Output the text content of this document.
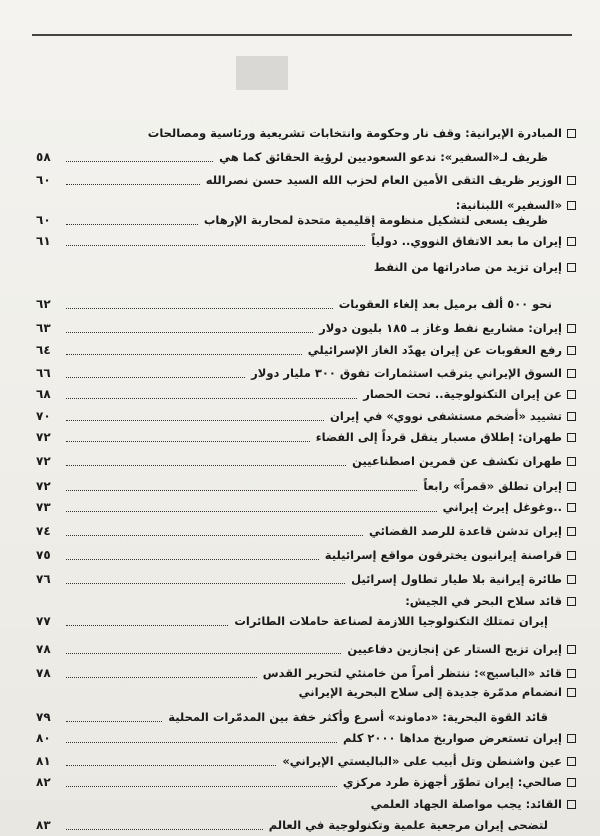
المبادرة الإيرانية: وقف نار وحكومة وانتخابات تشريعية ورئاسية ومصالحات
ظريف لـ«السفير»: ندعو السعوديين لرؤية الحقائق كما هي
٥٨
الوزير ظريف التقى الأمين العام لحزب الله السيد حسن نصرالله
٦٠
«السفير» اللبنانية:
ظريف يسعى لتشكيل منظومة إقليمية متحدة لمحاربة الإرهاب
٦٠
إيران ما بعد الاتفاق النووي.. دولياً
٦١
إيران تزيد من صادراتها من النفط
نحو ٥٠٠ ألف برميل بعد إلغاء العقوبات
٦٢
إيران: مشاريع نفط وغاز بـ ١٨٥ بليون دولار
٦٣
رفع العقوبات عن إيران يهدّد الغاز الإسرائيلي
٦٤
السوق الإيراني يترقب استثمارات تفوق ٣٠٠ مليار دولار
٦٦
عن إيران التكنولوجية.. تحت الحصار
٦٨
تشييد «أضخم مستشفى نووي» في إيران
٧٠
طهران: إطلاق مسبار ينقل قرداً إلى الفضاء
٧٢
طهران تكشف عن قمرين اصطناعيين
٧٢
إيران تطلق «قمراً» رابعاً
٧٢
..وغوغل إيرث إيراني
٧٣
إيران تدشن قاعدة للرصد الفضائي
٧٤
قراصنة إيرانيون يخترقون مواقع إسرائيلية
٧٥
طائرة إيرانية بلا طيار تطاول إسرائيل
٧٦
قائد سلاح البحر في الجيش:
إيران تمتلك التكنولوجيا اللازمة لصناعة حاملات الطائرات
٧٧
إيران تزيح الستار عن إنجازين دفاعيين
٧٨
قائد «الباسيج»: ننتظر أمراً من خامنئي لتحرير القدس
٧٨
انضمام مدمّرة جديدة إلى سلاح البحرية الإيراني
قائد القوة البحرية: «دماوند» أسرع وأكثر خفة بين المدمّرات المحلية
٧٩
إيران تستعرض صواريخ مداها ٢٠٠٠ كلم
٨٠
عين واشنطن وتل أبيب على «الباليستي الإيراني»
٨١
صالحي: إيران تطوّر أجهزة طرد مركزي
٨٢
القائد: يجب مواصلة الجهاد العلمي
لتضحى إيران مرجعية علمية وتكنولوجية في العالم
٨٣
